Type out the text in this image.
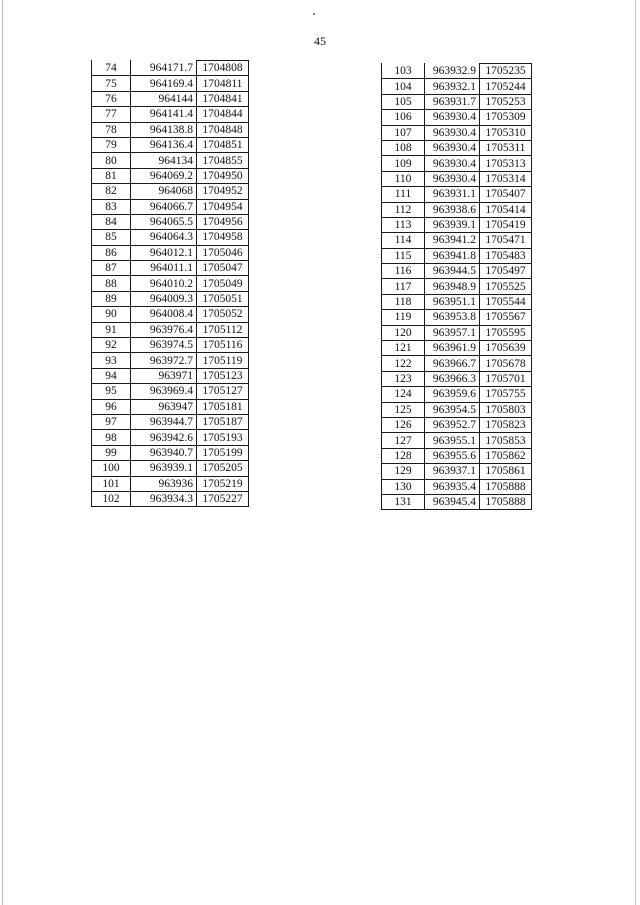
45
74	964171.7	1704808
75	964169.4	1704811
76	964144	1704841
77	964141.4	1704844
78	964138.8	1704848
79	964136.4	1704851
80	964134	1704855
81	964069.2	1704950
82	964068	1704952
83	964066.7	1704954
84	964065.5	1704956
85	964064.3	1704958
86	964012.1	1705046
87	964011.1	1705047
88	964010.2	1705049
89	964009.3	1705051
90	964008.4	1705052
91	963976.4	1705112
92	963974.5	1705116
93	963972.7	1705119
94	963971	1705123
95	963969.4	1705127
96	963947	1705181
97	963944.7	1705187
98	963942.6	1705193
99	963940.7	1705199
100	963939.1	1705205
101	963936	1705219
102	963934.3	1705227
103	963932.9	1705235
104	963932.1	1705244
105	963931.7	1705253
106	963930.4	1705309
107	963930.4	1705310
108	963930.4	1705311
109	963930.4	1705313
110	963930.4	1705314
111	963931.1	1705407
112	963938.6	1705414
113	963939.1	1705419
114	963941.2	1705471
115	963941.8	1705483
116	963944.5	1705497
117	963948.9	1705525
118	963951.1	1705544
119	963953.8	1705567
120	963957.1	1705595
121	963961.9	1705639
122	963966.7	1705678
123	963966.3	1705701
124	963959.6	1705755
125	963954.5	1705803
126	963952.7	1705823
127	963955.1	1705853
128	963955.6	1705862
129	963937.1	1705861
130	963935.4	1705888
131	963945.4	1705888
